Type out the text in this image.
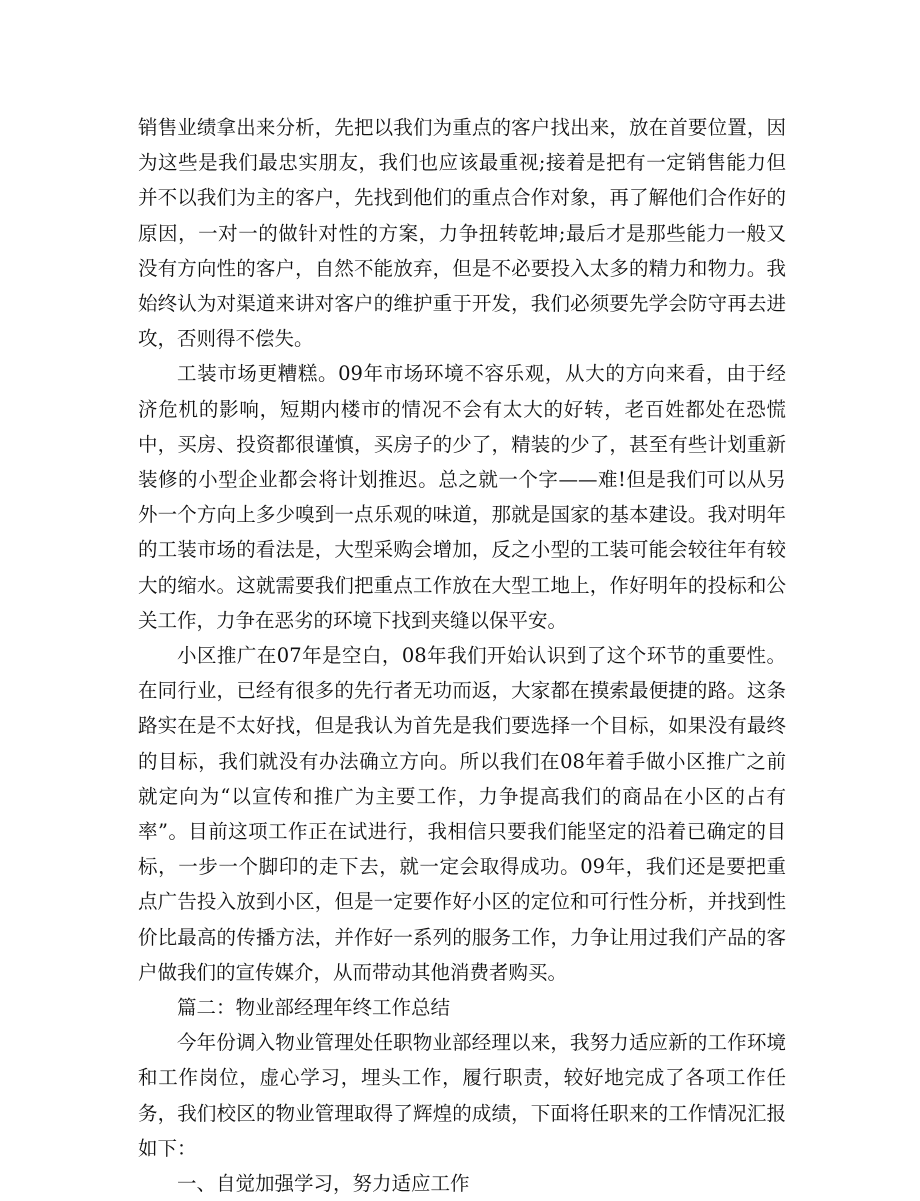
销售业绩拿出来分析，先把以我们为重点的客户找出来，放在首要位置，因为这些是我们最忠实朋友，我们也应该最重视;接着是把有一定销售能力但并不以我们为主的客户，先找到他们的重点合作对象，再了解他们合作好的原因，一对一的做针对性的方案，力争扭转乾坤;最后才是那些能力一般又没有方向性的客户，自然不能放弃，但是不必要投入太多的精力和物力。我始终认为对渠道来讲对客户的维护重于开发，我们必须要先学会防守再去进攻，否则得不偿失。

工装市场更糟糕。09年市场环境不容乐观，从大的方向来看，由于经济危机的影响，短期内楼市的情况不会有太大的好转，老百姓都处在恐慌中，买房、投资都很谨慎，买房子的少了，精装的少了，甚至有些计划重新装修的小型企业都会将计划推迟。总之就一个字——难!但是我们可以从另外一个方向上多少嗅到一点乐观的味道，那就是国家的基本建设。我对明年的工装市场的看法是，大型采购会增加，反之小型的工装可能会较往年有较大的缩水。这就需要我们把重点工作放在大型工地上，作好明年的投标和公关工作，力争在恶劣的环境下找到夹缝以保平安。

小区推广在07年是空白，08年我们开始认识到了这个环节的重要性。在同行业，已经有很多的先行者无功而返，大家都在摸索最便捷的路。这条路实在是不太好找，但是我认为首先是我们要选择一个目标，如果没有最终的目标，我们就没有办法确立方向。所以我们在08年着手做小区推广之前就定向为“以宣传和推广为主要工作，力争提高我们的商品在小区的占有率”。目前这项工作正在试进行，我相信只要我们能坚定的沿着已确定的目标，一步一个脚印的走下去，就一定会取得成功。09年，我们还是要把重点广告投入放到小区，但是一定要作好小区的定位和可行性分析，并找到性价比最高的传播方法，并作好一系列的服务工作，力争让用过我们产品的客户做我们的宣传媒介，从而带动其他消费者购买。

篇二：物业部经理年终工作总结

今年份调入物业管理处任职物业部经理以来，我努力适应新的工作环境和工作岗位，虚心学习，埋头工作，履行职责，较好地完成了各项工作任务，我们校区的物业管理取得了辉煌的成绩，下面将任职来的工作情况汇报如下：

一、自觉加强学习，努力适应工作
